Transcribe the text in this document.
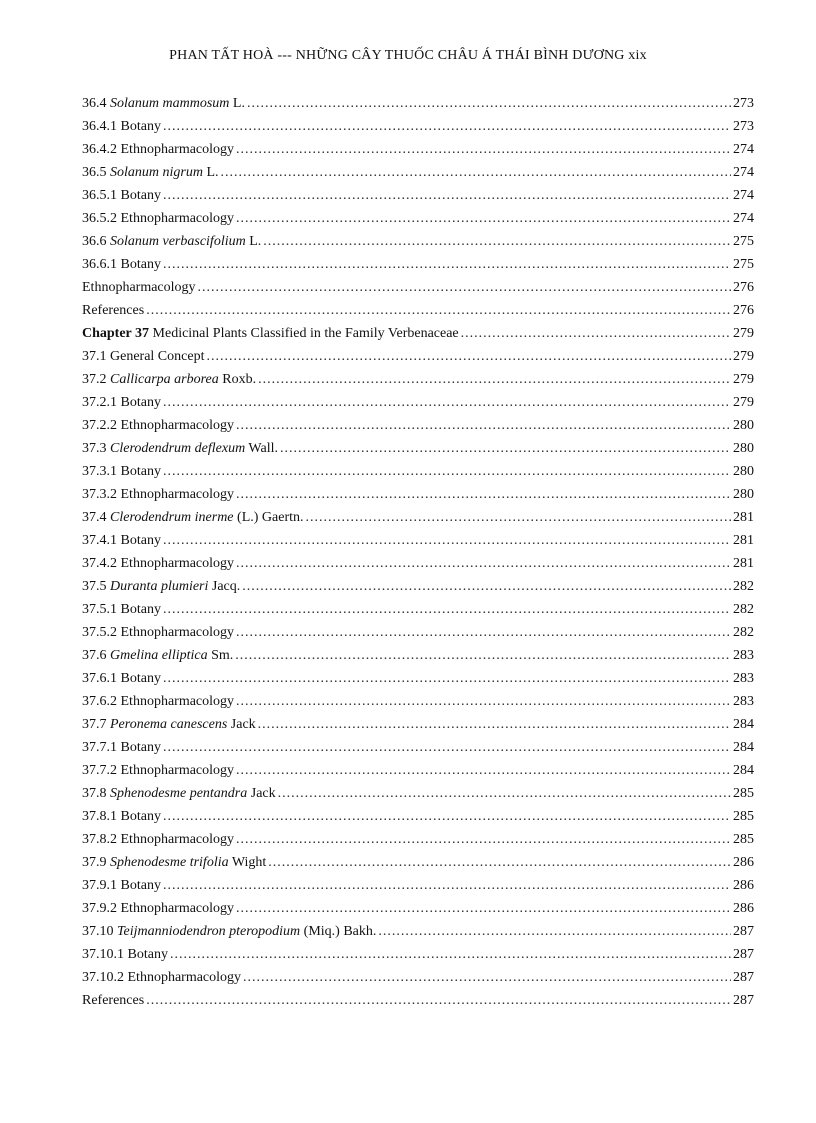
PHAN TẤT HOÀ --- NHỮNG CÂY THUỐC CHÂU Á THÁI BÌNH DƯƠNG xix
36.4 Solanum mammosum L. .....	273
36.4.1 Botany .....	273
36.4.2 Ethnopharmacology .....	274
36.5 Solanum nigrum L. .....	274
36.5.1 Botany .....	274
36.5.2 Ethnopharmacology .....	274
36.6 Solanum verbascifolium L. .....	275
36.6.1 Botany .....	275
Ethnopharmacology .....	276
References .....	276
Chapter 37 Medicinal Plants Classified in the Family Verbenaceae .....	279
37.1 General Concept .....	279
37.2 Callicarpa arborea Roxb. .....	279
37.2.1 Botany .....	279
37.2.2 Ethnopharmacology .....	280
37.3 Clerodendrum deflexum Wall. .....	280
37.3.1 Botany .....	280
37.3.2 Ethnopharmacology .....	280
37.4 Clerodendrum inerme (L.) Gaertn. .....	281
37.4.1 Botany .....	281
37.4.2 Ethnopharmacology .....	281
37.5 Duranta plumieri Jacq. .....	282
37.5.1 Botany .....	282
37.5.2 Ethnopharmacology .....	282
37.6 Gmelina elliptica Sm. .....	283
37.6.1 Botany .....	283
37.6.2 Ethnopharmacology .....	283
37.7 Peronema canescens Jack .....	284
37.7.1 Botany .....	284
37.7.2 Ethnopharmacology .....	284
37.8 Sphenodesme pentandra Jack .....	285
37.8.1 Botany .....	285
37.8.2 Ethnopharmacology .....	285
37.9 Sphenodesme trifolia Wight .....	286
37.9.1 Botany .....	286
37.9.2 Ethnopharmacology .....	286
37.10 Teijmanniodendron pteropodium (Miq.) Bakh. .....	287
37.10.1 Botany .....	287
37.10.2 Ethnopharmacology .....	287
References .....	287
